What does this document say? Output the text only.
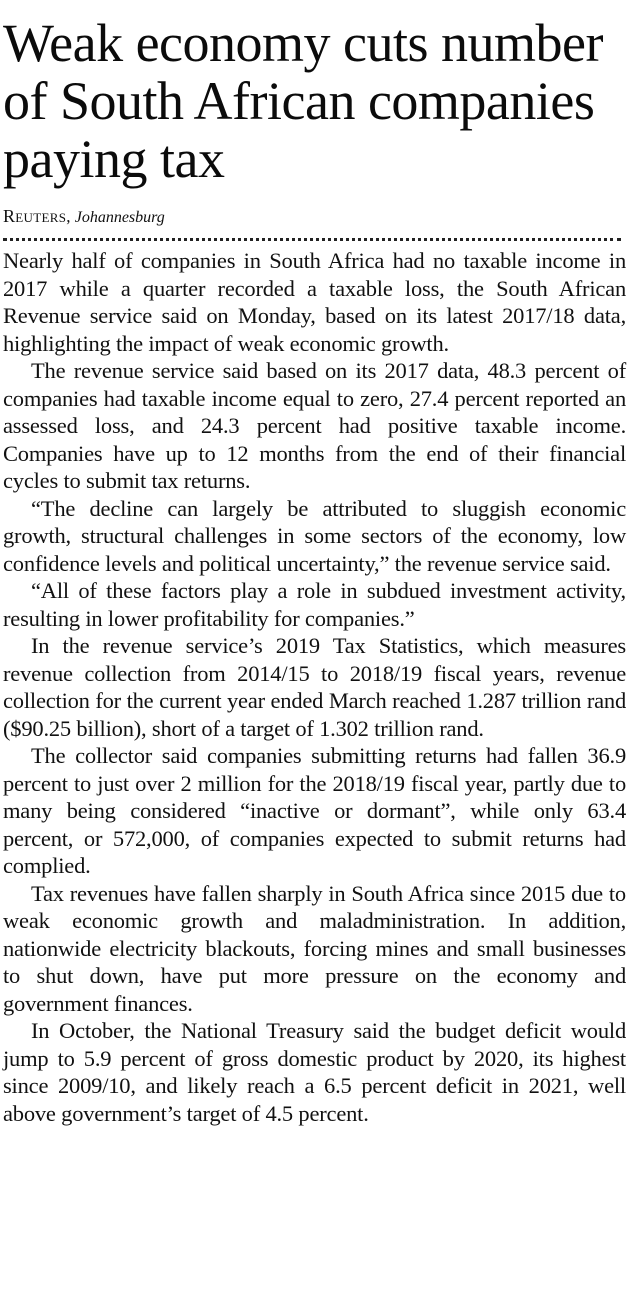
Weak economy cuts number of South African companies paying tax
Reuters, Johannesburg

Nearly half of companies in South Africa had no taxable income in 2017 while a quarter recorded a taxable loss, the South African Revenue service said on Monday, based on its latest 2017/18 data, highlighting the impact of weak economic growth.

The revenue service said based on its 2017 data, 48.3 percent of companies had taxable income equal to zero, 27.4 percent reported an assessed loss, and 24.3 percent had positive taxable income. Companies have up to 12 months from the end of their financial cycles to submit tax returns.

“The decline can largely be attributed to sluggish economic growth, structural challenges in some sectors of the economy, low confidence levels and political uncertainty,” the revenue service said.

“All of these factors play a role in subdued investment activity, resulting in lower profitability for companies.”

In the revenue service’s 2019 Tax Statistics, which measures revenue collection from 2014/15 to 2018/19 fiscal years, revenue collection for the current year ended March reached 1.287 trillion rand ($90.25 billion), short of a target of 1.302 trillion rand.

The collector said companies submitting returns had fallen 36.9 percent to just over 2 million for the 2018/19 fiscal year, partly due to many being considered “inactive or dormant”, while only 63.4 percent, or 572,000, of companies expected to submit returns had complied.

Tax revenues have fallen sharply in South Africa since 2015 due to weak economic growth and maladministration. In addition, nationwide electricity blackouts, forcing mines and small businesses to shut down, have put more pressure on the economy and government finances.

In October, the National Treasury said the budget deficit would jump to 5.9 percent of gross domestic product by 2020, its highest since 2009/10, and likely reach a 6.5 percent deficit in 2021, well above government’s target of 4.5 percent.
